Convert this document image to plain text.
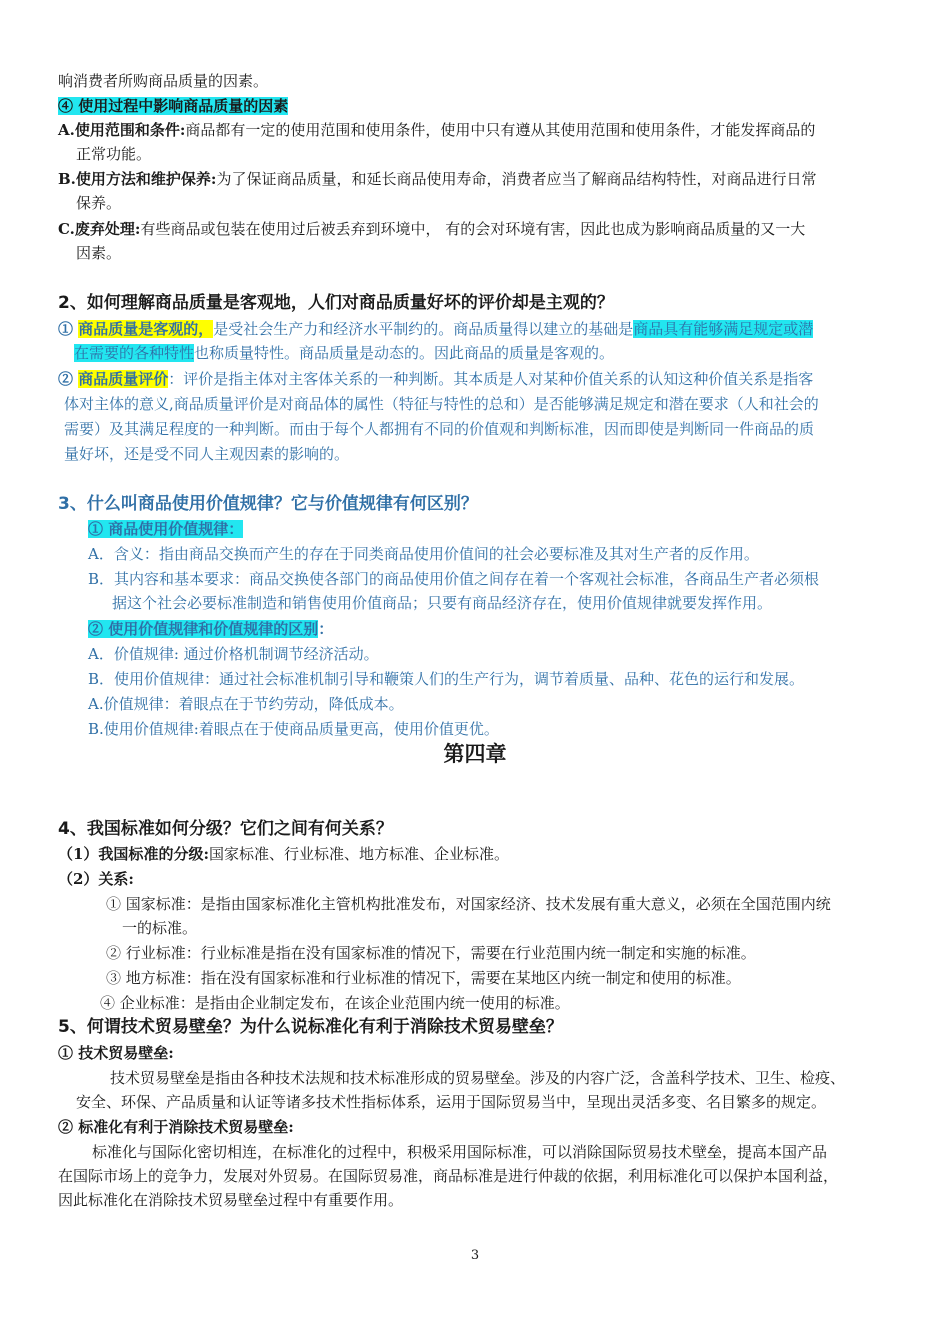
响消费者所购商品质量的因素。
④ 使用过程中影响商品质量的因素
A.使用范围和条件:商品都有一定的使用范围和使用条件，使用中只有遵从其使用范围和使用条件，才能发挥商品的
正常功能。
B.使用方法和维护保养:为了保证商品质量，和延长商品使用寿命，消费者应当了解商品结构特性，对商品进行日常
保养。
C.废弃处理:有些商品或包装在使用过后被丢弃到环境中， 有的会对环境有害，因此也成为影响商品质量的又一大
因素。
2、如何理解商品质量是客观地，人们对商品质量好坏的评价却是主观的？
① 商品质量是客观的，是受社会生产力和经济水平制约的。商品质量得以建立的基础是商品具有能够满足规定或潜
在需要的各种特性也称质量特性。商品质量是动态的。因此商品的质量是客观的。
② 商品质量评价：评价是指主体对主客体关系的一种判断。其本质是人对某种价值关系的认知这种价值关系是指客
体对主体的意义,商品质量评价是对商品体的属性（特征与特性的总和）是否能够满足规定和潜在要求（人和社会的
需要）及其满足程度的一种判断。而由于每个人都拥有不同的价值观和判断标准，因而即使是判断同一件商品的质
量好坏，还是受不同人主观因素的影响的。
3、什么叫商品使用价值规律？它与价值规律有何区别？
① 商品使用价值规律：
A．含义：指由商品交换而产生的存在于同类商品使用价值间的社会必要标准及其对生产者的反作用。
B．其内容和基本要求：商品交换使各部门的商品使用价值之间存在着一个客观社会标准，各商品生产者必须根
据这个社会必要标准制造和销售使用价值商品；只要有商品经济存在，使用价值规律就要发挥作用。
② 使用价值规律和价值规律的区别：
A．价值规律: 通过价格机制调节经济活动。
B．使用价值规律：通过社会标准机制引导和鞭策人们的生产行为，调节着质量、品种、花色的运行和发展。
A.价值规律：着眼点在于节约劳动，降低成本。
B.使用价值规律:着眼点在于使商品质量更高，使用价值更优。
第四章
4、我国标准如何分级？它们之间有何关系？
（1）我国标准的分级:国家标准、行业标准、地方标准、企业标准。
（2）关系:
① 国家标准：是指由国家标准化主管机构批准发布，对国家经济、技术发展有重大意义，必须在全国范围内统
一的标准。
② 行业标准：行业标准是指在没有国家标准的情况下，需要在行业范围内统一制定和实施的标准。
③ 地方标准：指在没有国家标准和行业标准的情况下，需要在某地区内统一制定和使用的标准。
④ 企业标准：是指由企业制定发布，在该企业范围内统一使用的标准。
5、何谓技术贸易壁垒？为什么说标准化有利于消除技术贸易壁垒？
① 技术贸易壁垒:
技术贸易壁垒是指由各种技术法规和技术标准形成的贸易壁垒。涉及的内容广泛，含盖科学技术、卫生、检疫、
安全、环保、产品质量和认证等诸多技术性指标体系，运用于国际贸易当中，呈现出灵活多变、名目繁多的规定。
② 标准化有利于消除技术贸易壁垒:
标准化与国际化密切相连，在标准化的过程中，积极采用国际标准，可以消除国际贸易技术壁垒，提高本国产品
在国际市场上的竞争力，发展对外贸易。在国际贸易准，商品标准是进行仲裁的依据，利用标准化可以保护本国利益，
因此标准化在消除技术贸易壁垒过程中有重要作用。
3
